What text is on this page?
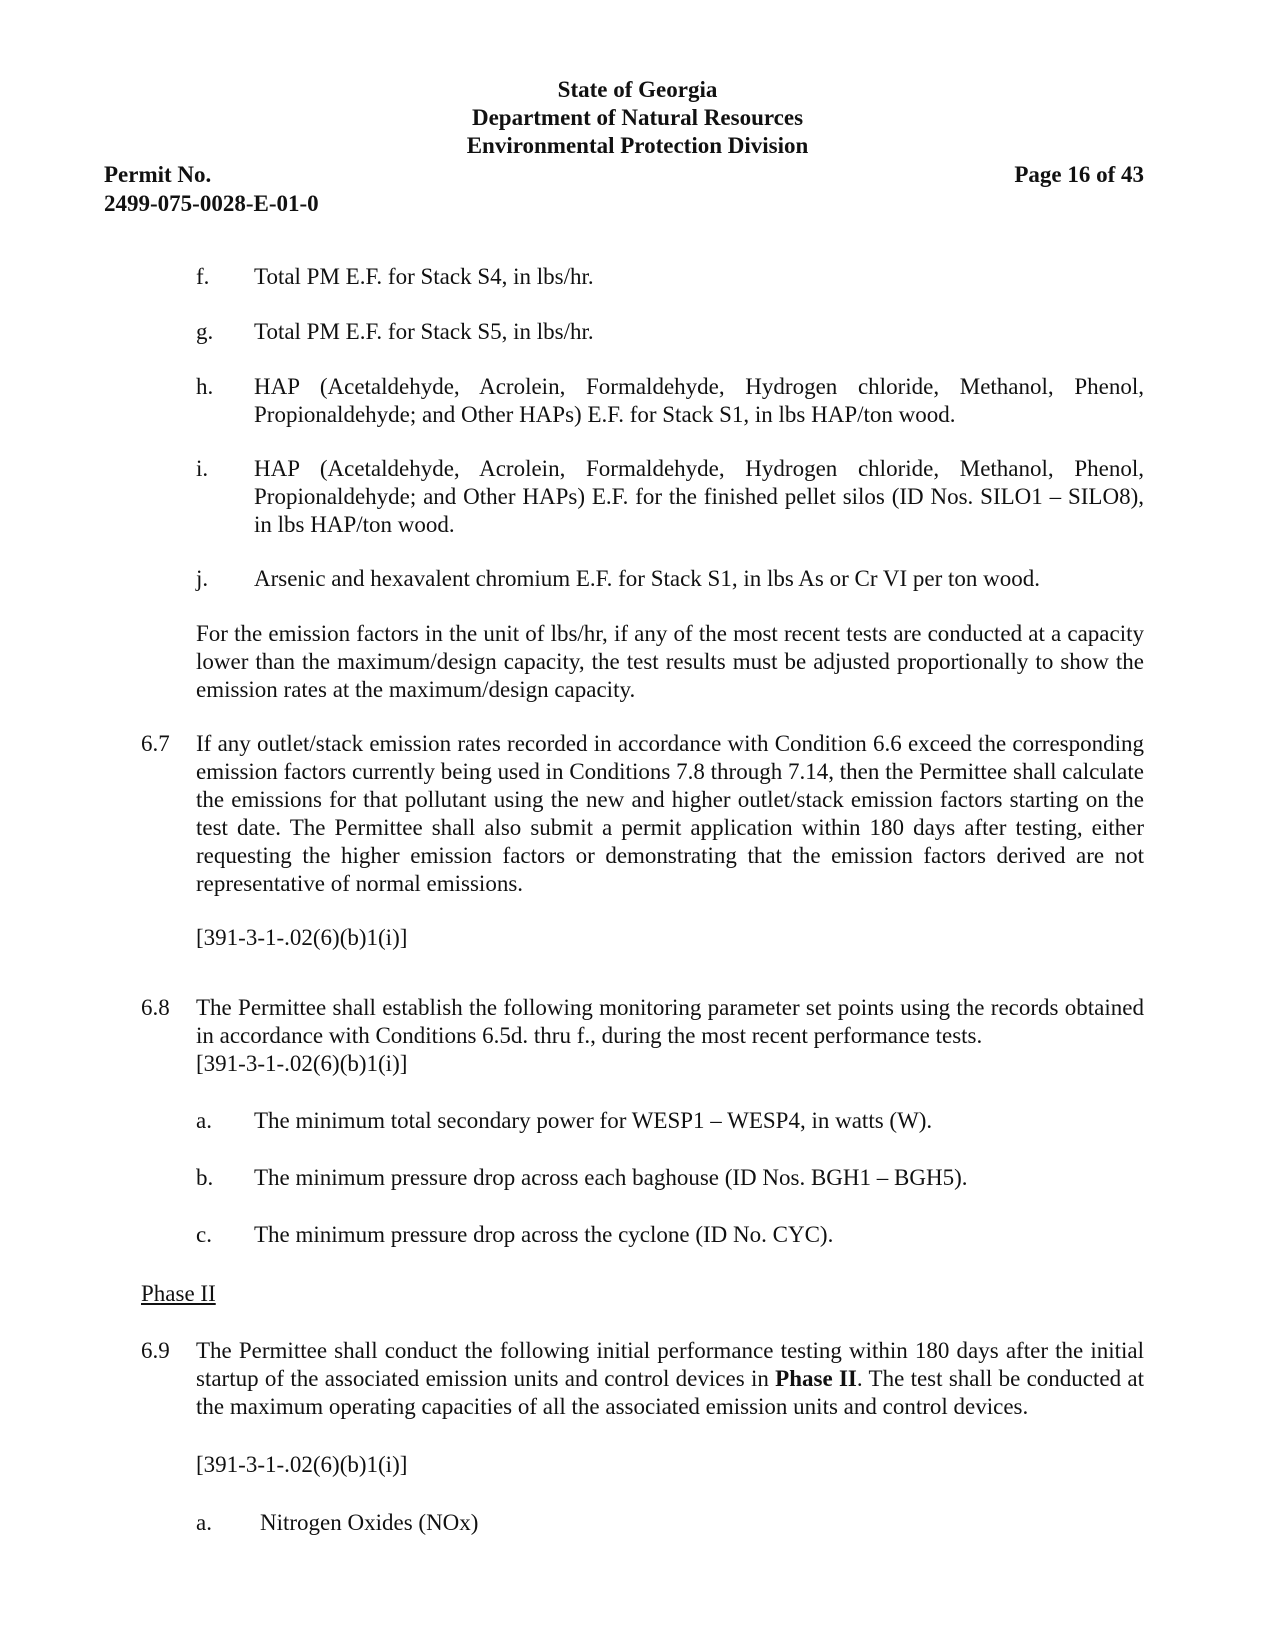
State of Georgia
Department of Natural Resources
Environmental Protection Division
Permit No.
2499-075-0028-E-01-0
Page 16 of 43
f. Total PM E.F. for Stack S4, in lbs/hr.
g. Total PM E.F. for Stack S5, in lbs/hr.
h. HAP (Acetaldehyde, Acrolein, Formaldehyde, Hydrogen chloride, Methanol, Phenol, Propionaldehyde; and Other HAPs) E.F. for Stack S1, in lbs HAP/ton wood.
i. HAP (Acetaldehyde, Acrolein, Formaldehyde, Hydrogen chloride, Methanol, Phenol, Propionaldehyde; and Other HAPs) E.F. for the finished pellet silos (ID Nos. SILO1 – SILO8), in lbs HAP/ton wood.
j. Arsenic and hexavalent chromium E.F. for Stack S1, in lbs As or Cr VI per ton wood.
For the emission factors in the unit of lbs/hr, if any of the most recent tests are conducted at a capacity lower than the maximum/design capacity, the test results must be adjusted proportionally to show the emission rates at the maximum/design capacity.
6.7 If any outlet/stack emission rates recorded in accordance with Condition 6.6 exceed the corresponding emission factors currently being used in Conditions 7.8 through 7.14, then the Permittee shall calculate the emissions for that pollutant using the new and higher outlet/stack emission factors starting on the test date. The Permittee shall also submit a permit application within 180 days after testing, either requesting the higher emission factors or demonstrating that the emission factors derived are not representative of normal emissions.
[391-3-1-.02(6)(b)1(i)]
6.8 The Permittee shall establish the following monitoring parameter set points using the records obtained in accordance with Conditions 6.5d. thru f., during the most recent performance tests.
[391-3-1-.02(6)(b)1(i)]
a. The minimum total secondary power for WESP1 – WESP4, in watts (W).
b. The minimum pressure drop across each baghouse (ID Nos. BGH1 – BGH5).
c. The minimum pressure drop across the cyclone (ID No. CYC).
Phase II
6.9 The Permittee shall conduct the following initial performance testing within 180 days after the initial startup of the associated emission units and control devices in Phase II. The test shall be conducted at the maximum operating capacities of all the associated emission units and control devices.
[391-3-1-.02(6)(b)1(i)]
a. Nitrogen Oxides (NOx)
